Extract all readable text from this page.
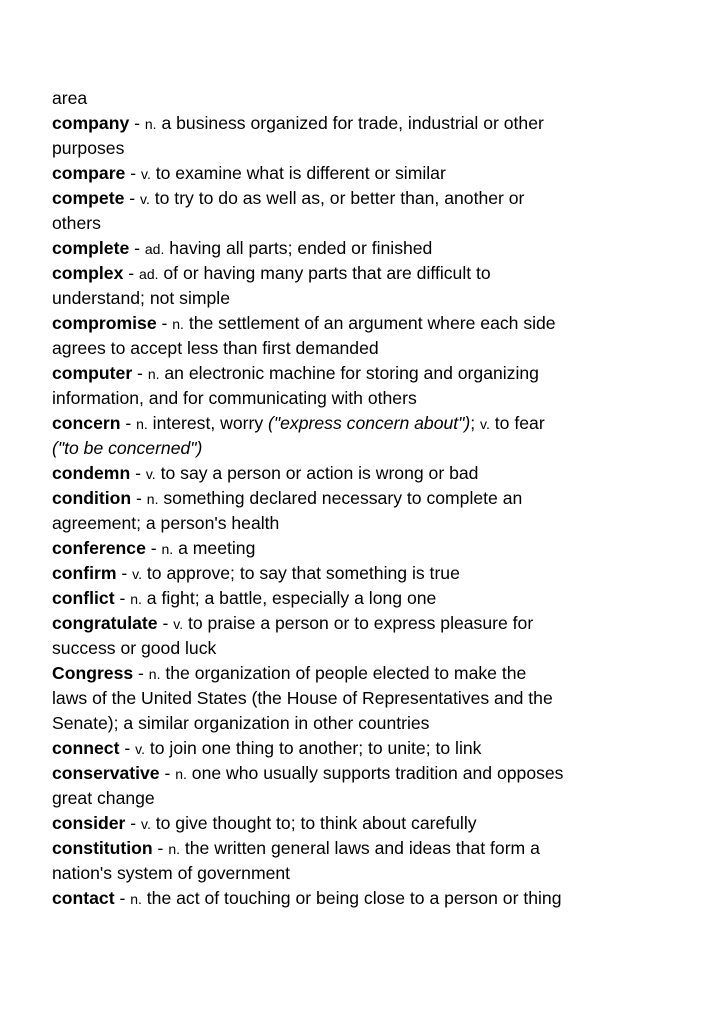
area
company - n. a business organized for trade, industrial or other
purposes
compare - v. to examine what is different or similar
compete - v. to try to do as well as, or better than, another or
others
complete - ad. having all parts; ended or finished
complex - ad. of or having many parts that are difficult to
understand; not simple
compromise - n. the settlement of an argument where each side
agrees to accept less than first demanded
computer - n. an electronic machine for storing and organizing
information, and for communicating with others
concern - n. interest, worry ("express concern about"); v. to fear
("to be concerned")
condemn - v. to say a person or action is wrong or bad
condition - n. something declared necessary to complete an
agreement; a person's health
conference - n. a meeting
confirm - v. to approve; to say that something is true
conflict - n. a fight; a battle, especially a long one
congratulate - v. to praise a person or to express pleasure for
success or good luck
Congress - n. the organization of people elected to make the
laws of the United States (the House of Representatives and the
Senate); a similar organization in other countries
connect - v. to join one thing to another; to unite; to link
conservative - n. one who usually supports tradition and opposes
great change
consider - v. to give thought to; to think about carefully
constitution - n. the written general laws and ideas that form a
nation's system of government
contact - n. the act of touching or being close to a person or thing
